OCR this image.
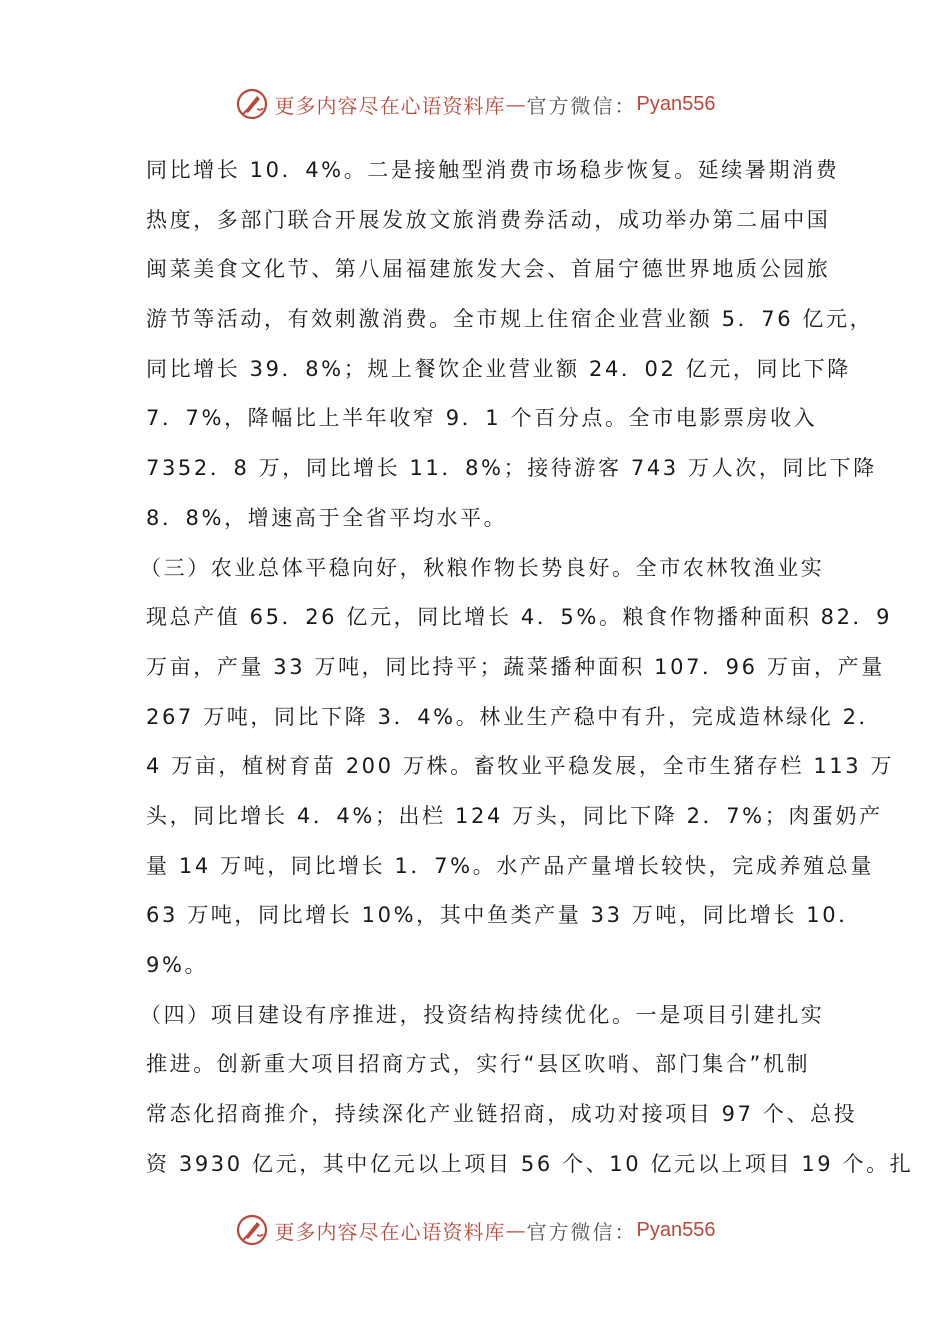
更多内容尽在心语资料库 — 官方微信： Pyan556
同比增长 10．4%。二是接触型消费市场稳步恢复。延续暑期消费
热度，多部门联合开展发放文旅消费券活动，成功举办第二届中国
闽菜美食文化节、第八届福建旅发大会、首届宁德世界地质公园旅
游节等活动，有效刺激消费。全市规上住宿企业营业额 5．76 亿元，
同比增长 39．8%；规上餐饮企业营业额 24．02 亿元，同比下降
7．7%，降幅比上半年收窄 9．1 个百分点。全市电影票房收入
7352．8 万，同比增长 11．8%；接待游客 743 万人次，同比下降
8．8%，增速高于全省平均水平。
（三）农业总体平稳向好，秋粮作物长势良好。全市农林牧渔业实
现总产值 65．26 亿元，同比增长 4．5%。粮食作物播种面积 82．9
万亩，产量 33 万吨，同比持平；蔬菜播种面积 107．96 万亩，产量
267 万吨，同比下降 3．4%。林业生产稳中有升，完成造林绿化 2．
4 万亩，植树育苗 200 万株。畜牧业平稳发展，全市生猪存栏 113 万
头，同比增长 4．4%；出栏 124 万头，同比下降 2．7%；肉蛋奶产
量 14 万吨，同比增长 1．7%。水产品产量增长较快，完成养殖总量
63 万吨，同比增长 10%，其中鱼类产量 33 万吨，同比增长 10．
9%。
（四）项目建设有序推进，投资结构持续优化。一是项目引建扎实
推进。创新重大项目招商方式，实行“县区吹哨、部门集合”机制
常态化招商推介，持续深化产业链招商，成功对接项目 97 个、总投
资 3930 亿元，其中亿元以上项目 56 个、10 亿元以上项目 19 个。扎
更多内容尽在心语资料库 — 官方微信： Pyan556
